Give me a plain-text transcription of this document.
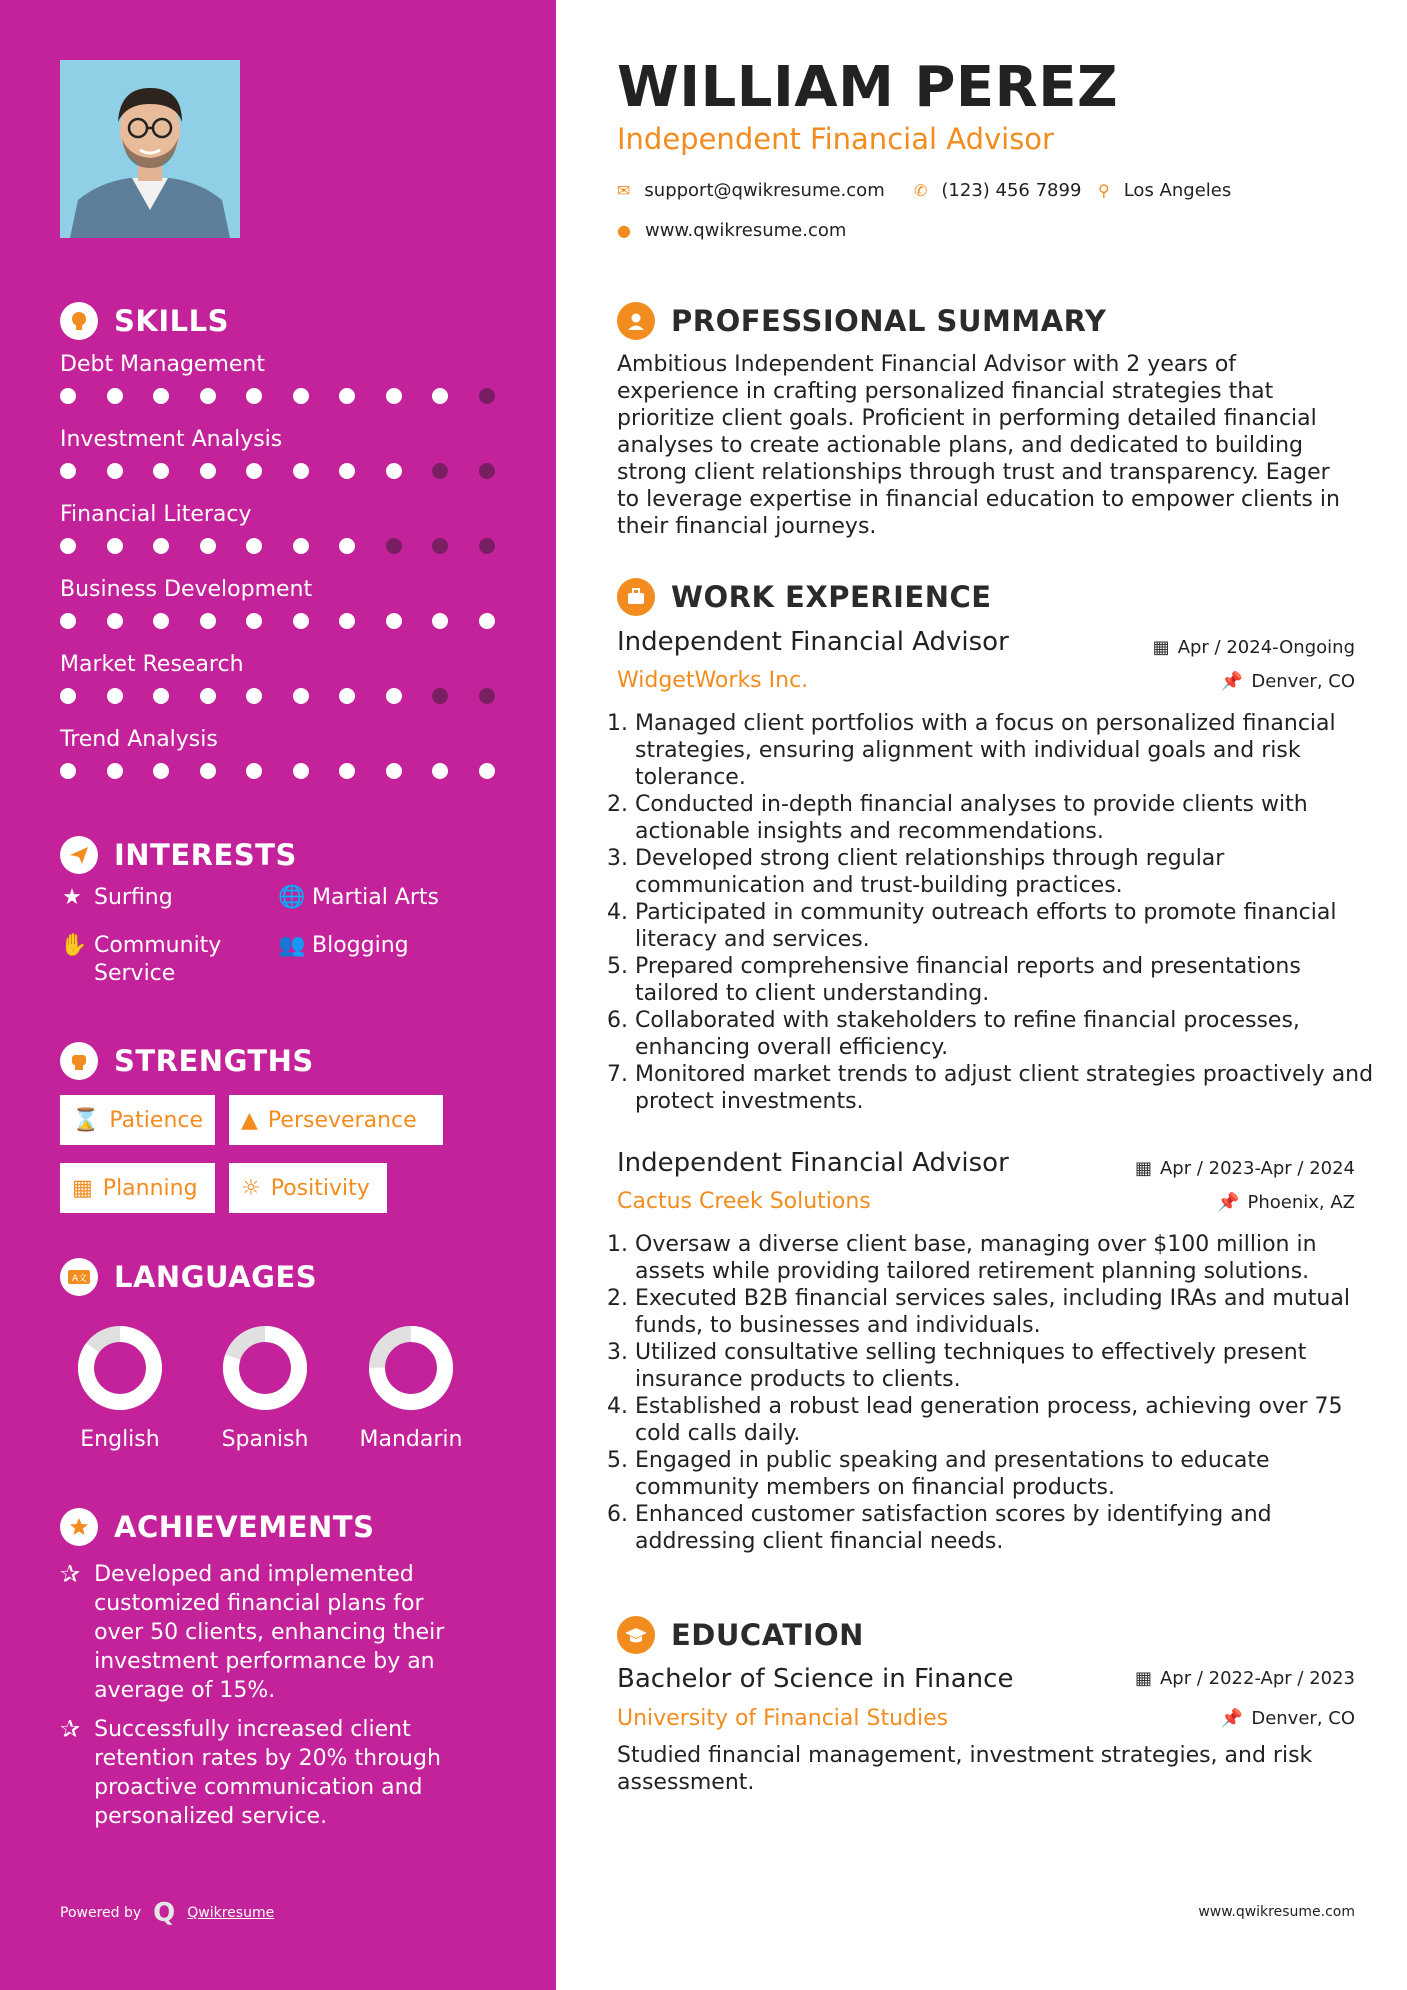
SKILLS
Debt Management
Investment Analysis
Financial Literacy
Business Development
Market Research
Trend Analysis
INTERESTS
★ Surfing	🌐 Martial Arts
✋ Community Service
👥 Blogging
STRENGTHS
⌛ Patience ▲ Perseverance
▦ Planning ☼ Positivity
A文 LANGUAGES
English	Spanish	Mandarin
ACHIEVEMENTS
✰ Developed and implemented customized financial plans for over 50 clients, enhancing their investment performance by an average of 15%.
✰ Successfully increased client retention rates by 20% through proactive communication and personalized service.
Powered by Q Qwikresume
WILLIAM PEREZ
Independent Financial Advisor
✉ support@qwikresume.com ✆ (123) 456 7899 ⚲ Los Angeles
● www.qwikresume.com
PROFESSIONAL SUMMARY
Ambitious Independent Financial Advisor with 2 years of experience in crafting personalized financial strategies that prioritize client goals. Proficient in performing detailed financial analyses to create actionable plans, and dedicated to building strong client relationships through trust and transparency. Eager to leverage expertise in financial education to empower clients in their financial journeys.
WORK EXPERIENCE
Independent Financial Advisor	▦ Apr / 2024-Ongoing
WidgetWorks Inc.	📌 Denver, CO
1. Managed client portfolios with a focus on personalized financial strategies, ensuring alignment with individual goals and risk tolerance.
2. Conducted in-depth financial analyses to provide clients with actionable insights and recommendations.
3. Developed strong client relationships through regular communication and trust-building practices.
4. Participated in community outreach efforts to promote financial literacy and services.
5. Prepared comprehensive financial reports and presentations tailored to client understanding.
6. Collaborated with stakeholders to refine financial processes, enhancing overall efficiency.
7. Monitored market trends to adjust client strategies proactively and protect investments.
Independent Financial Advisor	▦ Apr / 2023-Apr / 2024
Cactus Creek Solutions	📌 Phoenix, AZ
1. Oversaw a diverse client base, managing over $100 million in assets while providing tailored retirement planning solutions.
2. Executed B2B financial services sales, including IRAs and mutual funds, to businesses and individuals.
3. Utilized consultative selling techniques to effectively present insurance products to clients.
4. Established a robust lead generation process, achieving over 75 cold calls daily.
5. Engaged in public speaking and presentations to educate community members on financial products.
6. Enhanced customer satisfaction scores by identifying and addressing client financial needs.
EDUCATION
Bachelor of Science in Finance	▦ Apr / 2022-Apr / 2023
University of Financial Studies	📌 Denver, CO
Studied financial management, investment strategies, and risk assessment.
www.qwikresume.com
